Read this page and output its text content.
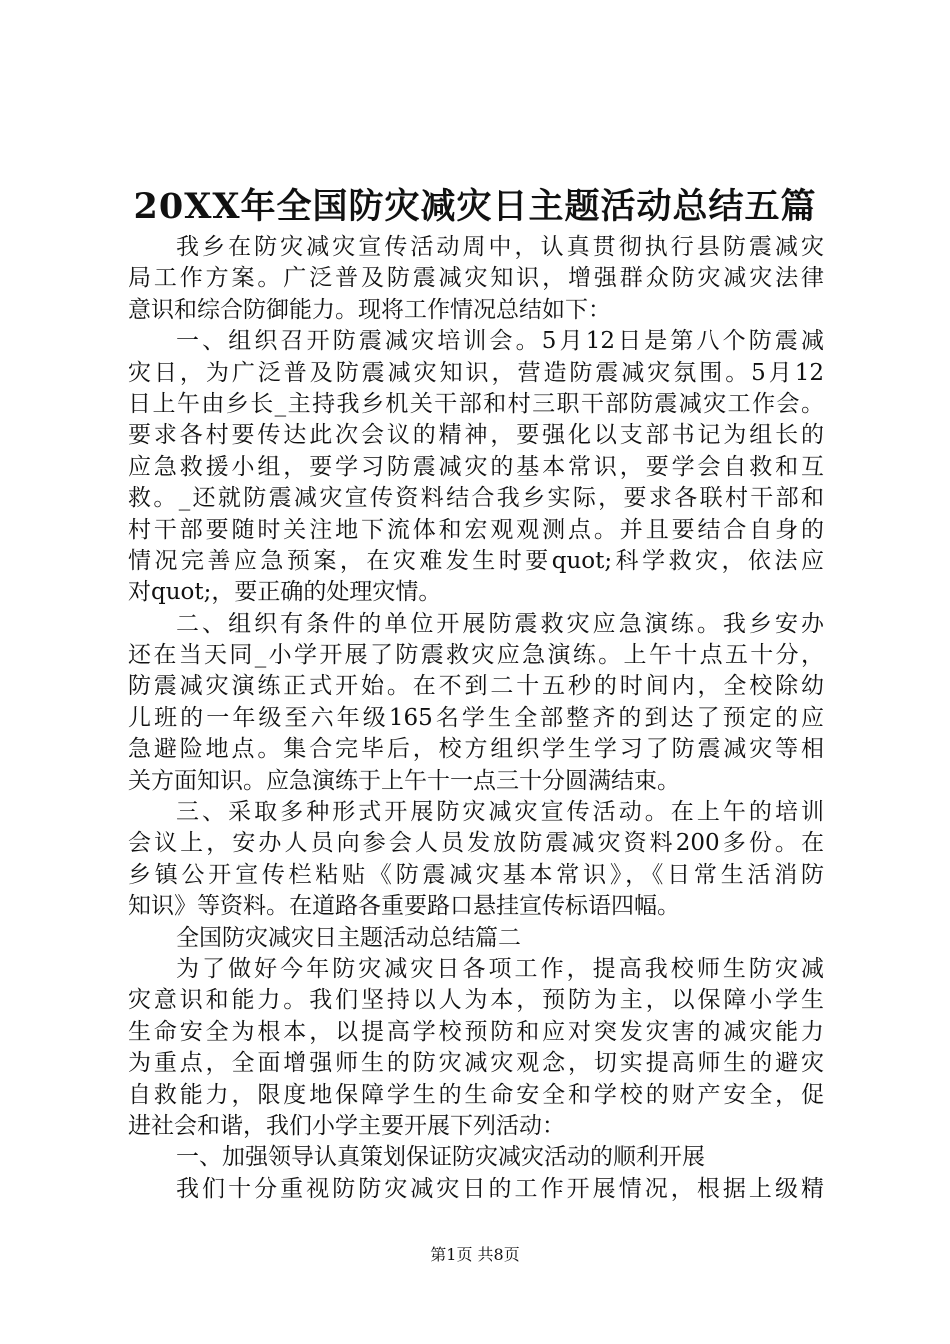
20XX年全国防灾减灾日主题活动总结五篇
我乡在防灾减灾宣传活动周中，认真贯彻执行县防震减灾
局工作方案。广泛普及防震减灾知识，增强群众防灾减灾法律
意识和综合防御能力。现将工作情况总结如下：
一、组织召开防震减灾培训会。5月12日是第八个防震减
灾日，为广泛普及防震减灾知识，营造防震减灾氛围。5月12
日上午由乡长_主持我乡机关干部和村三职干部防震减灾工作会。
要求各村要传达此次会议的精神，要强化以支部书记为组长的
应急救援小组，要学习防震减灾的基本常识，要学会自救和互
救。_还就防震减灾宣传资料结合我乡实际，要求各联村干部和
村干部要随时关注地下流体和宏观观测点。并且要结合自身的
情况完善应急预案，在灾难发生时要quot;科学救灾，依法应
对quot;，要正确的处理灾情。
二、组织有条件的单位开展防震救灾应急演练。我乡安办
还在当天同_小学开展了防震救灾应急演练。上午十点五十分，
防震减灾演练正式开始。在不到二十五秒的时间内，全校除幼
儿班的一年级至六年级165名学生全部整齐的到达了预定的应
急避险地点。集合完毕后，校方组织学生学习了防震减灾等相
关方面知识。应急演练于上午十一点三十分圆满结束。
三、采取多种形式开展防灾减灾宣传活动。在上午的培训
会议上，安办人员向参会人员发放防震减灾资料200多份。在
乡镇公开宣传栏粘贴《防震减灾基本常识》，《日常生活消防
知识》等资料。在道路各重要路口悬挂宣传标语四幅。
全国防灾减灾日主题活动总结篇二
为了做好今年防灾减灾日各项工作，提高我校师生防灾减
灾意识和能力。我们坚持以人为本，预防为主，以保障小学生
生命安全为根本，以提高学校预防和应对突发灾害的减灾能力
为重点，全面增强师生的防灾减灾观念，切实提高师生的避灾
自救能力，限度地保障学生的生命安全和学校的财产安全，促
进社会和谐，我们小学主要开展下列活动：
一、加强领导认真策划保证防灾减灾活动的顺利开展
我们十分重视防防灾减灾日的工作开展情况，根据上级精
第1页 共8页
